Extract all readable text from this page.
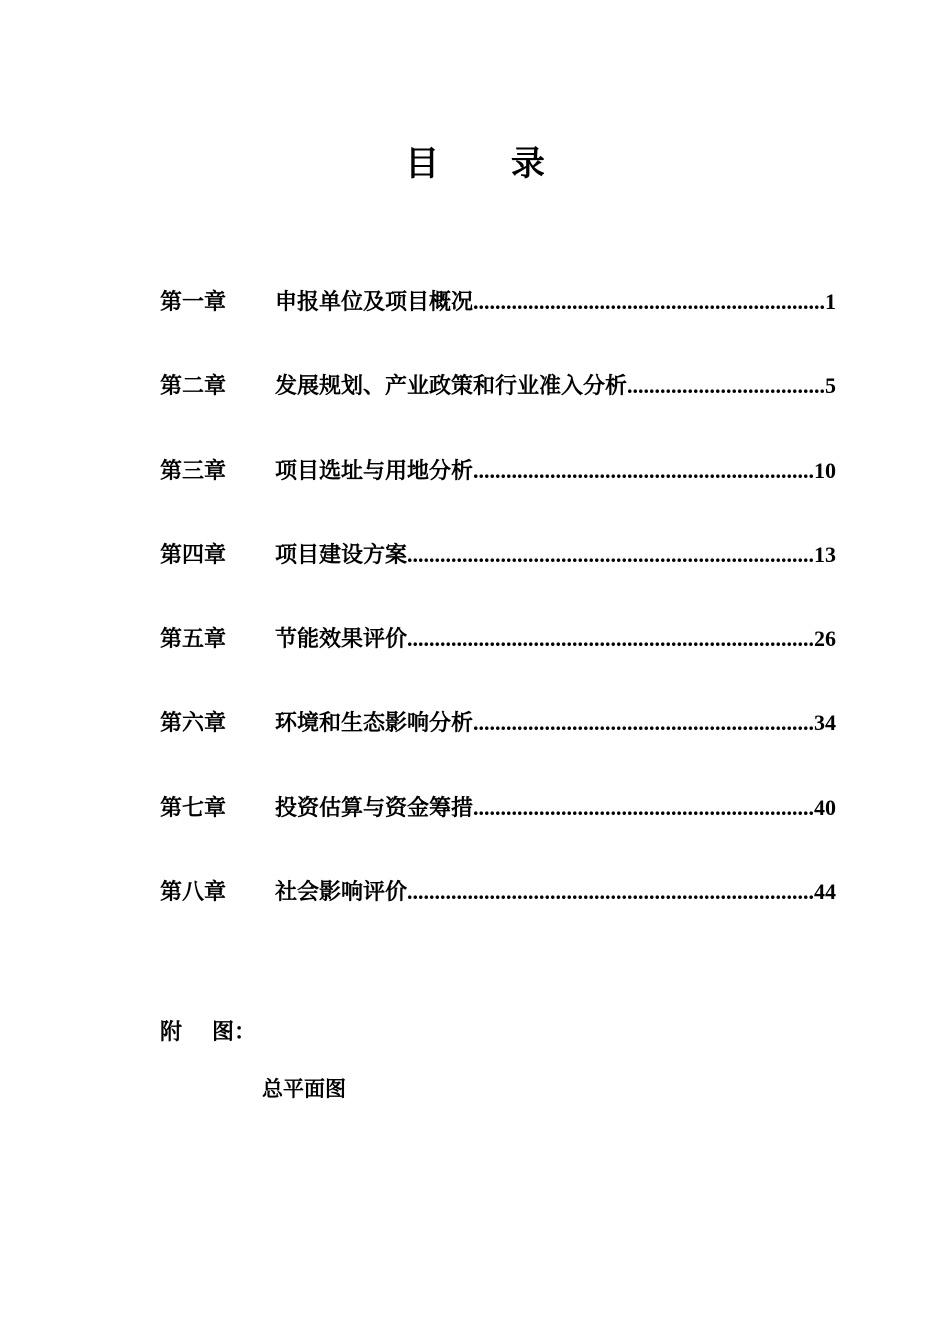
目 录
第一章	申报单位及项目概况 .....	1
第二章	发展规划、产业政策和行业准入分析 .....	5
第三章	项目选址与用地分析 .....	10
第四章	项目建设方案 .....	13
第五章	节能效果评价 .....	26
第六章	环境和生态影响分析 .....	34
第七章	投资估算与资金筹措 .....	40
第八章	社会影响评价 .....	44
附 图：
总平面图
